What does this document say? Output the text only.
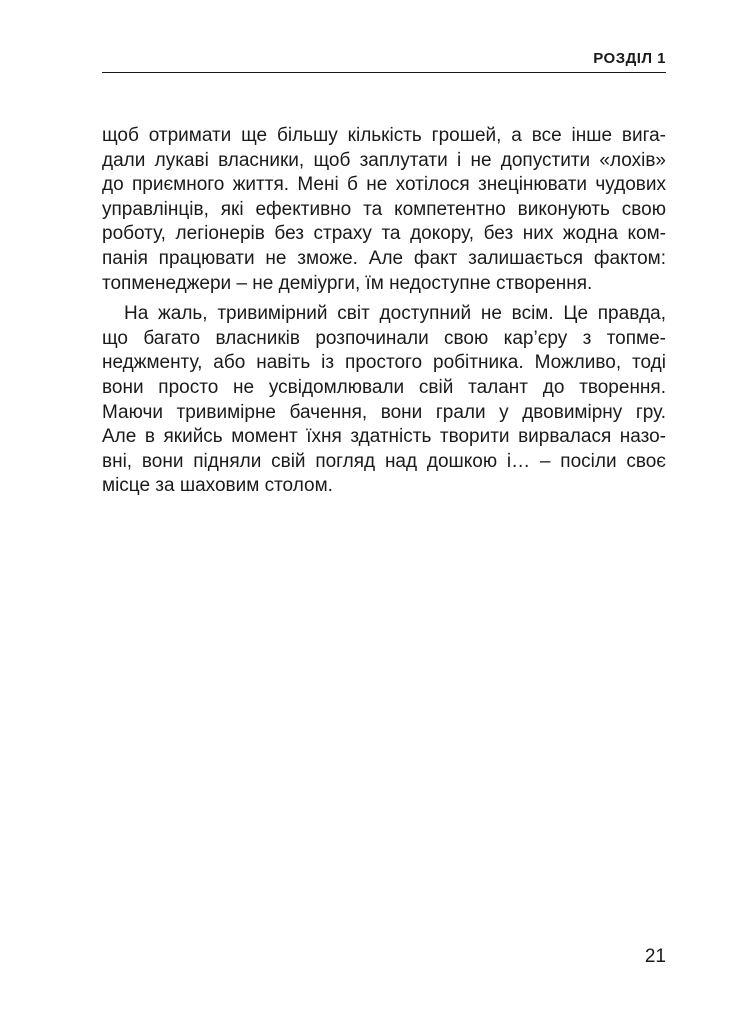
РОЗДІЛ 1
щоб отримати ще більшу кількість грошей, а все інше вига-
дали лукаві власники, щоб заплутати і не допустити «лохів»
до приємного життя. Мені б не хотілося знецінювати чудових
управлінців, які ефективно та компетентно виконують свою
роботу, легіонерів без страху та докору, без них жодна ком-
панія працювати не зможе. Але факт залишається фактом:
топменеджери – не деміурги, їм недоступне створення.
На жаль, тривимірний світ доступний не всім. Це правда,
що багато власників розпочинали свою кар’єру з топме-
неджменту, або навіть із простого робітника. Можливо, тоді
вони просто не усвідомлювали свій талант до творення.
Маючи тривимірне бачення, вони грали у двовимірну гру.
Але в якийсь момент їхня здатність творити вирвалася назо-
вні, вони підняли свій погляд над дошкою і… – посіли своє
місце за шаховим столом.
21
